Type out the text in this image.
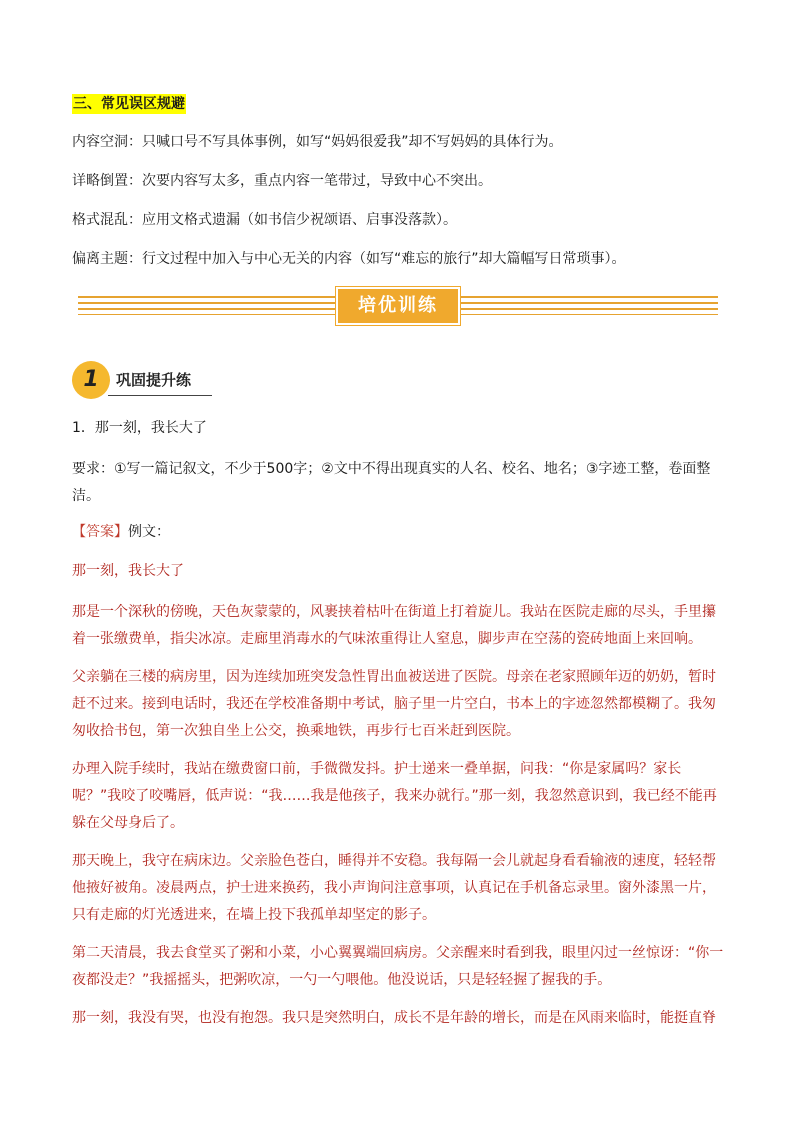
三、常见误区规避

内容空洞：只喊口号不写具体事例，如写“妈妈很爱我”却不写妈妈的具体行为。

详略倒置：次要内容写太多，重点内容一笔带过，导致中心不突出。

格式混乱：应用文格式遗漏（如书信少祝颂语、启事没落款）。

偏离主题：行文过程中加入与中心无关的内容（如写“难忘的旅行”却大篇幅写日常琐事）。

培优训练
1	巩固提升练

1．那一刻，我长大了

要求：①写一篇记叙文，不少于500字；②文中不得出现真实的人名、校名、地名；③字迹工整，卷面整洁。

【答案】例文：

那一刻，我长大了

那是一个深秋的傍晚，天色灰蒙蒙的，风裹挟着枯叶在街道上打着旋儿。我站在医院走廊的尽头，手里攥着一张缴费单，指尖冰凉。走廊里消毒水的气味浓重得让人窒息，脚步声在空荡的瓷砖地面上来回响。

父亲躺在三楼的病房里，因为连续加班突发急性胃出血被送进了医院。母亲在老家照顾年迈的奶奶，暂时赶不过来。接到电话时，我还在学校准备期中考试，脑子里一片空白，书本上的字迹忽然都模糊了。我匆匆收拾书包，第一次独自坐上公交，换乘地铁，再步行七百米赶到医院。

办理入院手续时，我站在缴费窗口前，手微微发抖。护士递来一叠单据，问我：“你是家属吗？家长呢？”我咬了咬嘴唇，低声说：“我……我是他孩子，我来办就行。”那一刻，我忽然意识到，我已经不能再躲在父母身后了。

那天晚上，我守在病床边。父亲脸色苍白，睡得并不安稳。我每隔一会儿就起身看看输液的速度，轻轻帮他掖好被角。凌晨两点，护士进来换药，我小声询问注意事项，认真记在手机备忘录里。窗外漆黑一片，只有走廊的灯光透进来，在墙上投下我孤单却坚定的影子。

第二天清晨，我去食堂买了粥和小菜，小心翼翼端回病房。父亲醒来时看到我，眼里闪过一丝惊讶：“你一夜都没走？”我摇摇头，把粥吹凉，一勺一勺喂他。他没说话，只是轻轻握了握我的手。

那一刻，我没有哭，也没有抱怨。我只是突然明白，成长不是年龄的增长，而是在风雨来临时，能挺直脊
